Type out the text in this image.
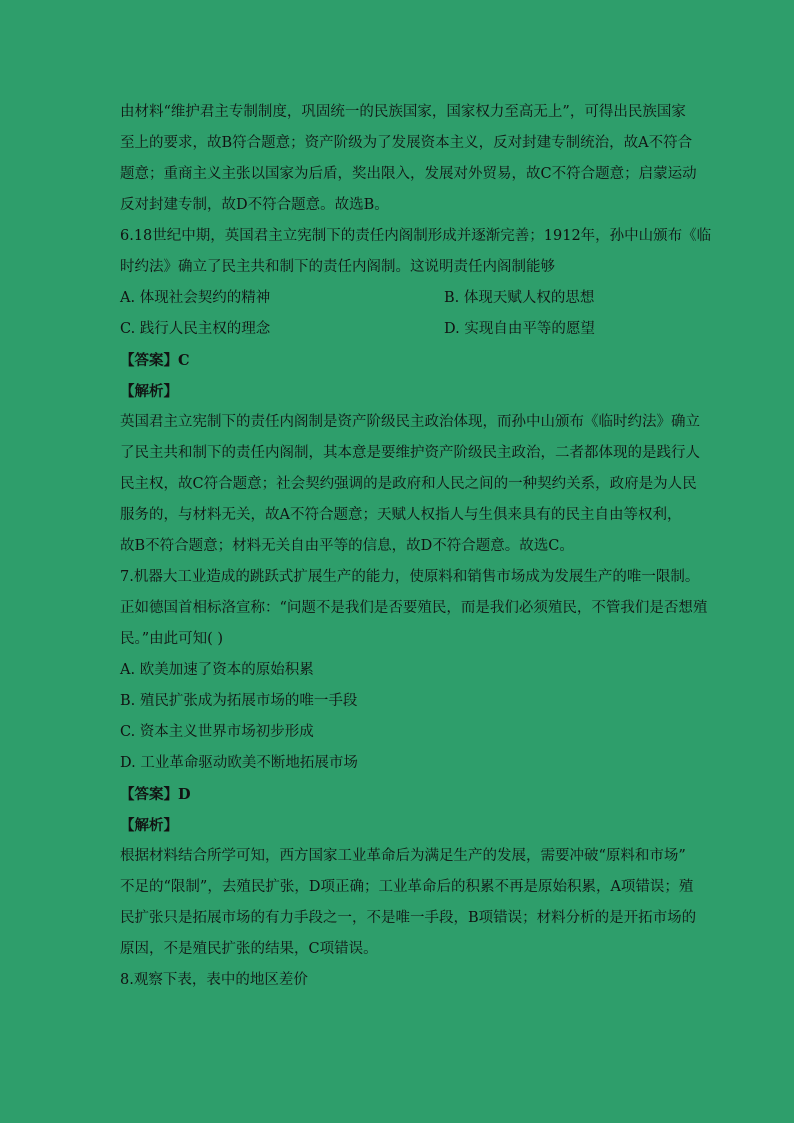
由材料“维护君主专制制度，巩固统一的民族国家，国家权力至高无上”，可得出民族国家
至上的要求，故B符合题意；资产阶级为了发展资本主义，反对封建专制统治，故A不符合
题意；重商主义主张以国家为后盾，奖出限入，发展对外贸易，故C不符合题意；启蒙运动
反对封建专制，故D不符合题意。故选B。
6.18世纪中期，英国君主立宪制下的责任内阁制形成并逐渐完善；1912年，孙中山颁布《临
时约法》确立了民主共和制下的责任内阁制。这说明责任内阁制能够
A. 体现社会契约的精神	B. 体现天赋人权的思想
C. 践行人民主权的理念	D. 实现自由平等的愿望
【答案】C
【解析】
英国君主立宪制下的责任内阁制是资产阶级民主政治体现，而孙中山颁布《临时约法》确立
了民主共和制下的责任内阁制，其本意是要维护资产阶级民主政治，二者都体现的是践行人
民主权，故C符合题意；社会契约强调的是政府和人民之间的一种契约关系，政府是为人民
服务的，与材料无关，故A不符合题意；天赋人权指人与生俱来具有的民主自由等权利，
故B不符合题意；材料无关自由平等的信息，故D不符合题意。故选C。
7.机器大工业造成的跳跃式扩展生产的能力，使原料和销售市场成为发展生产的唯一限制。
正如德国首相标洛宣称：“问题不是我们是否要殖民，而是我们必须殖民，不管我们是否想殖
民。”由此可知( )
A. 欧美加速了资本的原始积累
B. 殖民扩张成为拓展市场的唯一手段
C. 资本主义世界市场初步形成
D. 工业革命驱动欧美不断地拓展市场
【答案】D
【解析】
根据材料结合所学可知，西方国家工业革命后为满足生产的发展，需要冲破“原料和市场”
不足的“限制”，去殖民扩张，D项正确；工业革命后的积累不再是原始积累，A项错误；殖
民扩张只是拓展市场的有力手段之一，不是唯一手段，B项错误；材料分析的是开拓市场的
原因，不是殖民扩张的结果，C项错误。
8.观察下表，表中的地区差价
